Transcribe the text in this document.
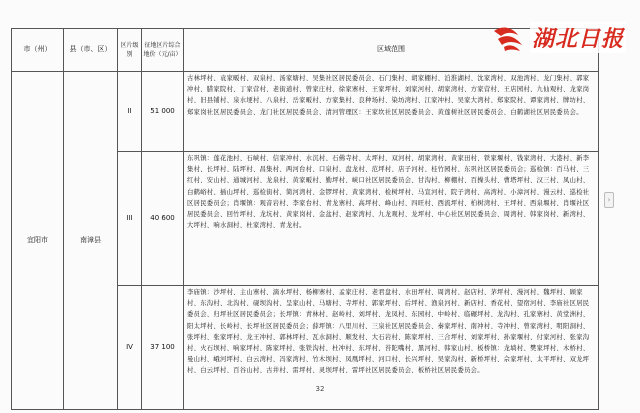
湖北日报
市（州）	县（市、区）	区片级别	征地区片综合地价（元/亩）	区域范围
宜阳市	南漳县	II	51 000	古林坪村、袁家畈村、双泉村、汤家塘村、吴集社区居民委员会、石门集村、胡家棚村、泊淮湖村、沈家湾村、双池湾村、龙门集村、郭家冲村、腊家院村、丁家营村、老街道村、曾家庄村、徐家寨村、王家坪村、刘家河村、胡家湾村、方家营村、王店园村、九仙观村、龙家岗村、旧县铺村、泉水埂村、八泉村、岳家畈村、方家集村、良种场村、染坊湾村、江家冲村、吴家大湾村、郑家院村、谭家湾村、牌坊村、郑家岗社区居民委员会、龙门社区居民委员会、清河管理区：王家坎社区居民委员会、黄莲树社区居民委员会、白鹤湖社区居民委员会。
		III	40 600	东巩镇：莲花池村、石峡村、信家冲村、水沉村、石佛寺村、太坪村、双河村、胡家湾村、黄家田村、铁家堰村、钱家湾村、大港村、新李集村、长坪村、陆坪村、昌集村、两河台村、口泉村、盘龙村、范坪村、店子河村、桂竹园村、东巩社区居民委员会；巡检镇：百马村、三红村、安山村、通城河村、龙泉村、黄家畈村、勤坪村、峡口社区居民委员会、甘沟村、柳棚村、百操头村、曹塔坪村、汉三村、凤山村、白鹤峪村、插山坪村、巡检街村、简河湾村、金锣坪村、黄家湾村、检树坪村、马宣河村、院子湾村、高湾村、小漳河村、漫云村、巡检社区居民委员会；肖堰镇：观音岩村、李家台村、青龙寨村、高坪村、峰山村、四旺村、西流坪村、柏树湾村、王坪村、西泉堰村、肖堰社区居民委员会、回竹坪村、龙坑村、黄家岗村、金盆村、赵家湾村、九龙观村、龙坪村、中心社区居民委员会、周湾村、韩家岗村、新湾村、大坪村、响水洞村、杜家湾村、青龙村。
		IV	37 100	李庙镇：沙坪村、主山寨村、滴水坪村、杨柳寨村、孟家庄村、老君盘村、水田坪村、周湾村、赵店村、茅坪村、漫河村、魏坪村、顾家村、东沟村、北沟村、砚坝沟村、呈家山村、马塘村、寺坪村、郭家坪村、后坪村、渔泉河村、新店村、香花村、望宿河村、李庙社区居民委员会、归坪社区居民委员会；长坪镇：青林村、赵岭村、刘坪村、龙凤村、东园村、中岭村、临碾坪村、龙沟村、孔家寨村、黄堂洲村、阳太坪村、长岭村、长坪社区居民委员会；薛坪镇：八里川村、三泉社区居民委员会、秦家坪村、南冲村、寺冲村、曾家湾村、明阳洞村、张坪村、张家坪村、龙王冲村、郭林坪村、瓦水洞村、顺发村、大石岩村、陈家坪村、三合坪村、刘家坪村、孙家堰村、付家河村、张家沟村、火石坝村、响家坪村、陈家坪村、张铁沟村、杜冲村、东坪村、苔陀嘴村、黑河村、韩家山村、板桥镇：龙埫村、樊家坪村、木桥村、曼山村、峨河坪村、白云湾村、冯家湾村、竹木坝村、凤凰坪村、河口村、长兴坪村、吴家沟村、新桥坪村、佘家坪村、太平坪村、双龙坪村、白云坪村、百谷山村、古井村、雷坪村、灵坝坪村、雷坪社区居民委员会、板桥社区居民委员会。
›
32
